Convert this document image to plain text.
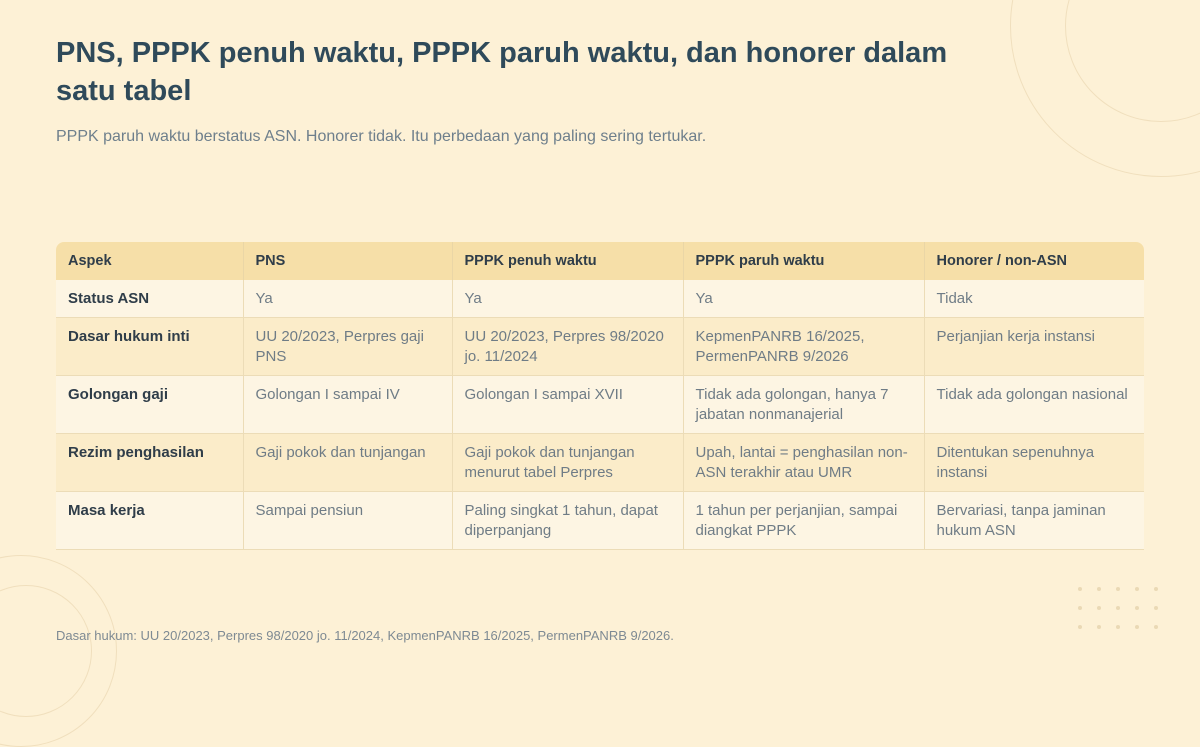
PNS, PPPK penuh waktu, PPPK paruh waktu, dan honorer dalam satu tabel

PPPK paruh waktu berstatus ASN. Honorer tidak. Itu perbedaan yang paling sering tertukar.

Aspek	PNS	PPPK penuh waktu	PPPK paruh waktu	Honorer / non-ASN
Status ASN	Ya	Ya	Ya	Tidak
Dasar hukum inti	UU 20/2023, Perpres gaji PNS	UU 20/2023, Perpres 98/2020 jo. 11/2024	KepmenPANRB 16/2025, PermenPANRB 9/2026	Perjanjian kerja instansi
Golongan gaji	Golongan I sampai IV	Golongan I sampai XVII	Tidak ada golongan, hanya 7 jabatan nonmanajerial	Tidak ada golongan nasional
Rezim penghasilan	Gaji pokok dan tunjangan	Gaji pokok dan tunjangan menurut tabel Perpres	Upah, lantai = penghasilan non-ASN terakhir atau UMR	Ditentukan sepenuhnya instansi
Masa kerja	Sampai pensiun	Paling singkat 1 tahun, dapat diperpanjang	1 tahun per perjanjian, sampai diangkat PPPK	Bervariasi, tanpa jaminan hukum ASN

Dasar hukum: UU 20/2023, Perpres 98/2020 jo. 11/2024, KepmenPANRB 16/2025, PermenPANRB 9/2026.
